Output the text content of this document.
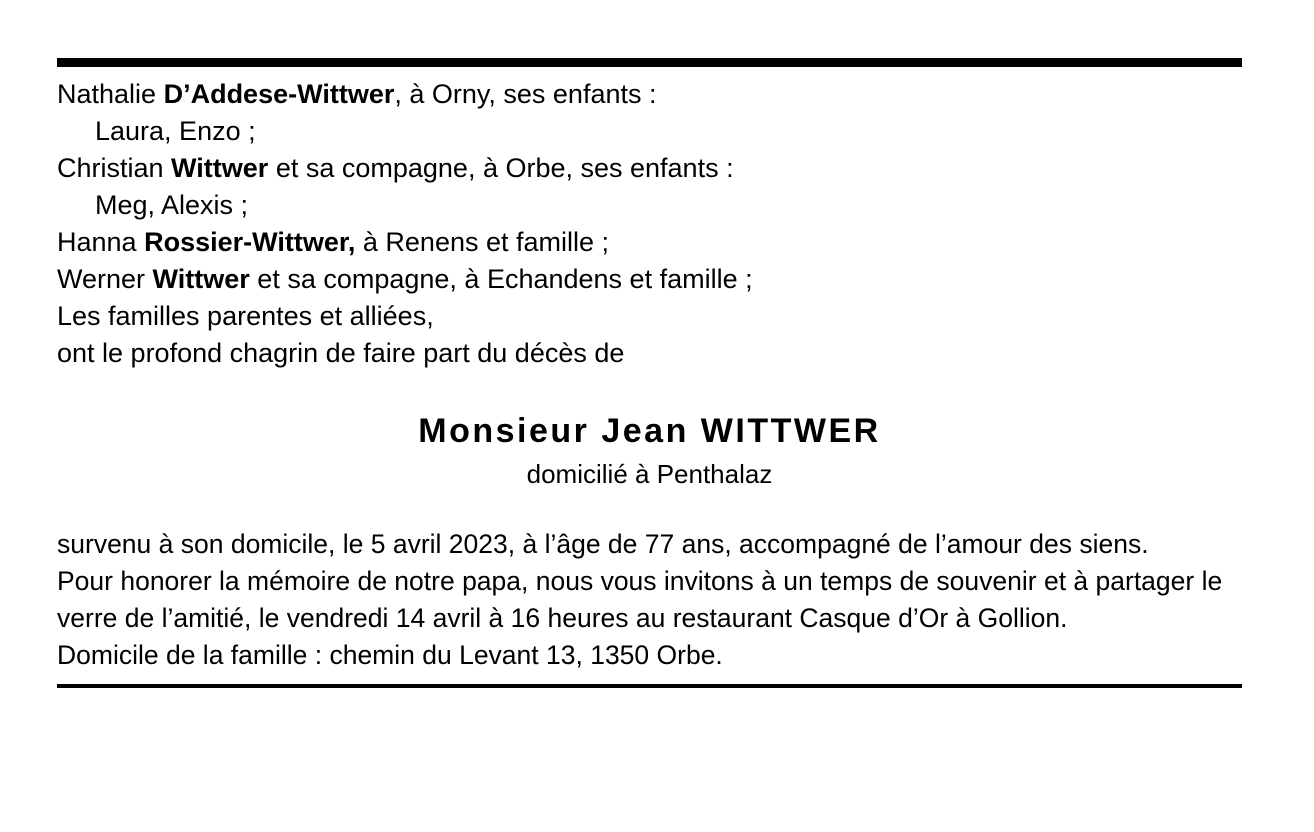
Nathalie D’Addese-Wittwer, à Orny, ses enfants :
Laura, Enzo ;
Christian Wittwer et sa compagne, à Orbe, ses enfants :
Meg, Alexis ;
Hanna Rossier-Wittwer, à Renens et famille ;
Werner Wittwer et sa compagne, à Echandens et famille ;
Les familles parentes et alliées,
ont le profond chagrin de faire part du décès de
Monsieur Jean WITTWER
domicilié à Penthalaz
survenu à son domicile, le 5 avril 2023, à l’âge de 77 ans, accompagné de l’amour des siens.
Pour honorer la mémoire de notre papa, nous vous invitons à un temps de souvenir et à partager le verre de l’amitié, le vendredi 14 avril à 16 heures au restaurant Casque d’Or à Gollion.
Domicile de la famille : chemin du Levant 13, 1350 Orbe.
